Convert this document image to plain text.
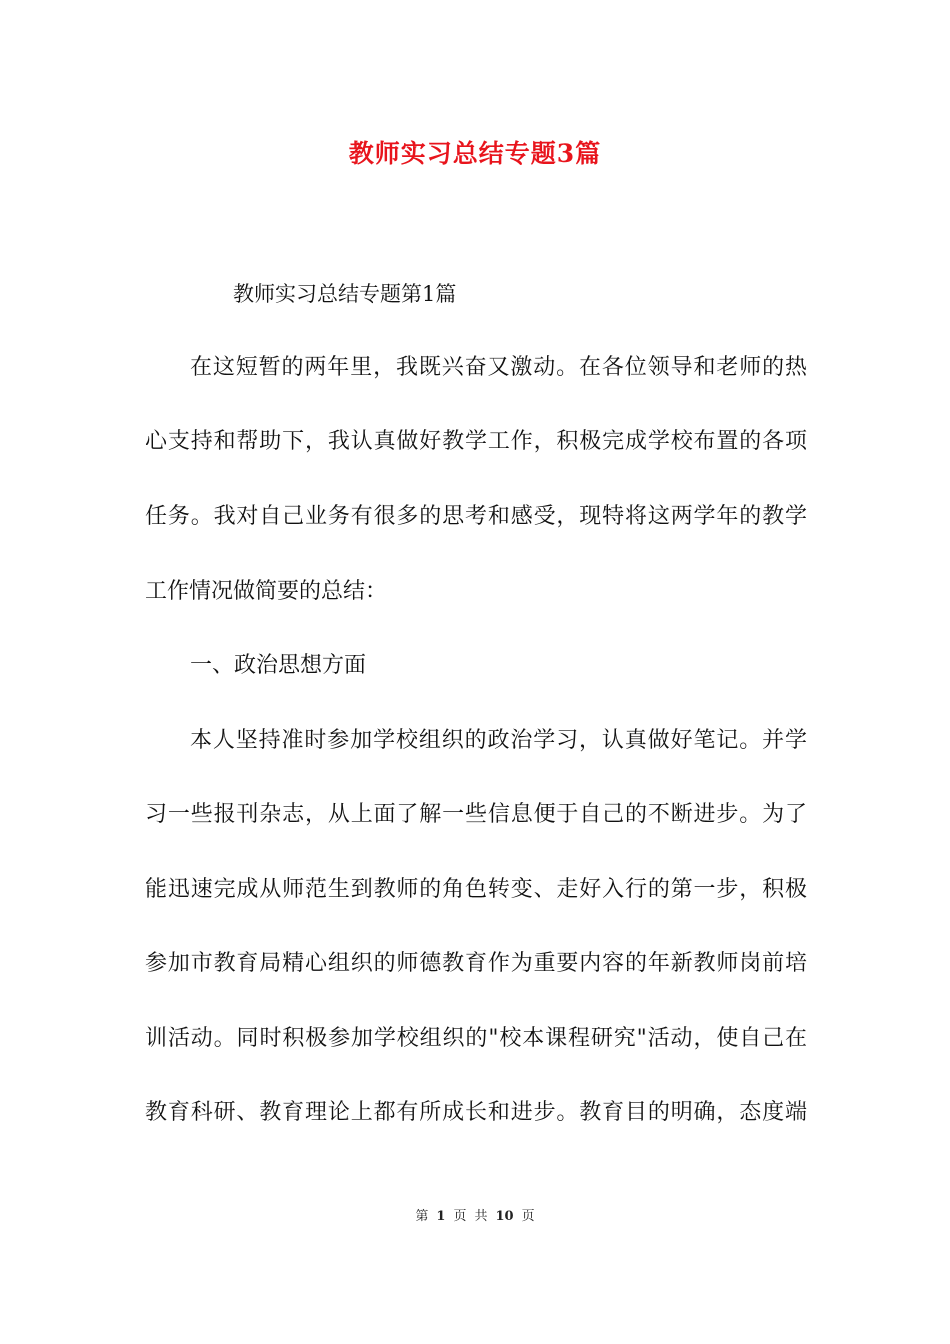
教师实习总结专题3篇
教师实习总结专题第1篇
在这短暂的两年里，我既兴奋又激动。在各位领导和老师的热
心支持和帮助下，我认真做好教学工作，积极完成学校布置的各项
任务。我对自己业务有很多的思考和感受，现特将这两学年的教学
工作情况做简要的总结：
一、政治思想方面
本人坚持准时参加学校组织的政治学习，认真做好笔记。并学
习一些报刊杂志，从上面了解一些信息便于自己的不断进步。为了
能迅速完成从师范生到教师的角色转变、走好入行的第一步，积极
参加市教育局精心组织的师德教育作为重要内容的年新教师岗前培
训活动。同时积极参加学校组织的"校本课程研究"活动，使自己在
教育科研、教育理论上都有所成长和进步。教育目的明确，态度端
第 1 页 共 10 页
